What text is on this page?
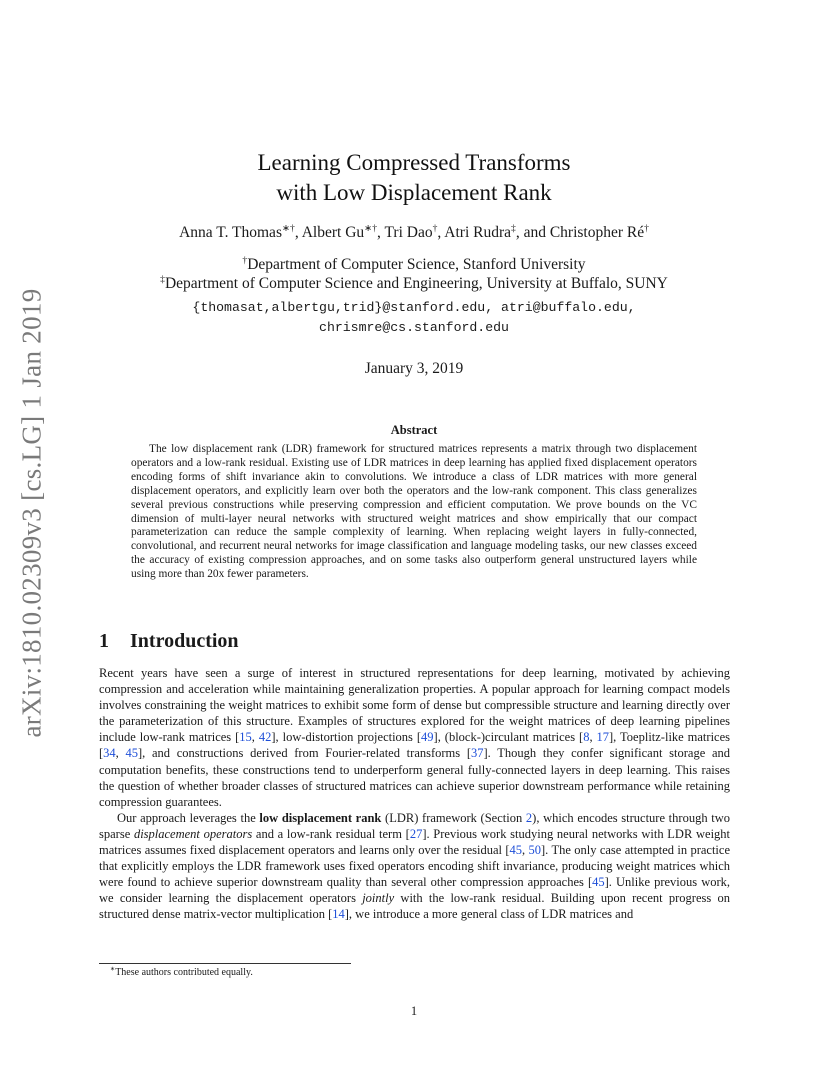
arXiv:1810.02309v3 [cs.LG] 1 Jan 2019
Learning Compressed Transforms
with Low Displacement Rank
Anna T. Thomas∗†, Albert Gu∗†, Tri Dao†, Atri Rudra‡, and Christopher Ré†
†Department of Computer Science, Stanford University
‡Department of Computer Science and Engineering, University at Buffalo, SUNY
{thomasat,albertgu,trid}@stanford.edu, atri@buffalo.edu,
chrismre@cs.stanford.edu
January 3, 2019
Abstract

The low displacement rank (LDR) framework for structured matrices represents a matrix through two displacement operators and a low-rank residual. Existing use of LDR matrices in deep learning has applied fixed displacement operators encoding forms of shift invariance akin to convolutions. We introduce a class of LDR matrices with more general displacement operators, and explicitly learn over both the operators and the low-rank component. This class generalizes several previous constructions while preserving compression and efficient computation. We prove bounds on the VC dimension of multi-layer neural networks with structured weight matrices and show empirically that our compact parameterization can reduce the sample complexity of learning. When replacing weight layers in fully-connected, convolutional, and recurrent neural networks for image classification and language modeling tasks, our new classes exceed the accuracy of existing compression approaches, and on some tasks also outperform general unstructured layers while using more than 20x fewer parameters.

1 Introduction

Recent years have seen a surge of interest in structured representations for deep learning, motivated by achieving compression and acceleration while maintaining generalization properties. A popular approach for learning compact models involves constraining the weight matrices to exhibit some form of dense but compressible structure and learning directly over the parameterization of this structure. Examples of structures explored for the weight matrices of deep learning pipelines include low-rank matrices [15, 42], low-distortion projections [49], (block-)circulant matrices [8, 17], Toeplitz-like matrices [34, 45], and constructions derived from Fourier-related transforms [37]. Though they confer significant storage and computation benefits, these constructions tend to underperform general fully-connected layers in deep learning. This raises the question of whether broader classes of structured matrices can achieve superior downstream performance while retaining compression guarantees.

Our approach leverages the low displacement rank (LDR) framework (Section 2), which encodes structure through two sparse displacement operators and a low-rank residual term [27]. Previous work studying neural networks with LDR weight matrices assumes fixed displacement operators and learns only over the residual [45, 50]. The only case attempted in practice that explicitly employs the LDR framework uses fixed operators encoding shift invariance, producing weight matrices which were found to achieve superior downstream quality than several other compression approaches [45]. Unlike previous work, we consider learning the displacement operators jointly with the low-rank residual. Building upon recent progress on structured dense matrix-vector multiplication [14], we introduce a more general class of LDR matrices and

∗These authors contributed equally.
1
